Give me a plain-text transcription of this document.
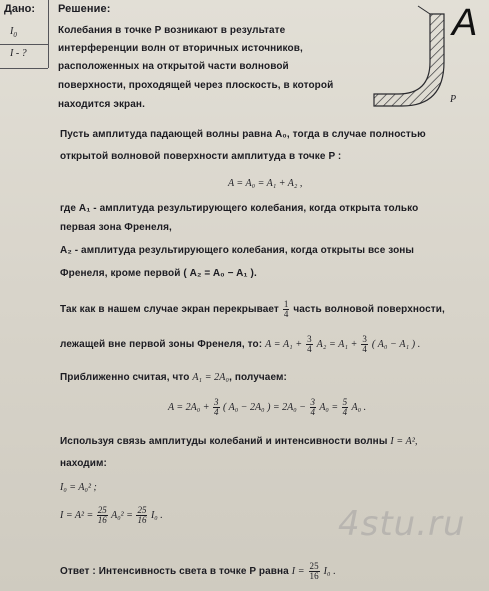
Дано:
$I_0$
I - ?
Решение:
Колебания в точке P возникают в результате
интерференции волн от вторичных источников,
расположенных на открытой части волновой
поверхности, проходящей через плоскость, в которой
находится экран.
A
P
Пусть амплитуда падающей волны равна A₀, тогда в случае полностью
открытой волновой поверхности амплитуда в точке P :
A = A₀ = A₁ + A₂ ,
где A₁ - амплитуда результирующего колебания, когда открыта только
первая зона Френеля,
A₂ - амплитуда результирующего колебания, когда открыты все зоны
Френеля, кроме первой ( A₂ = A₀ − A₁ ).
Так как в нашем случае экран перекрывает $\frac{1}{4}$ часть волновой поверхности,
лежащей вне первой зоны Френеля, то: $A = A_1 + \frac{3}{4} A_2 = A_1 + \frac{3}{4}$ ( A₀ − A₁ ) .
Приближенно считая, что A₁ = 2A₀, получаем:
$A = 2A_0 + \frac{3}{4}$ ( A₀ − 2A₀ ) = $2A_0 - \frac{3}{4} A_0 = \frac{5}{4} A_0$ .
Используя связь амплитуды колебаний и интенсивности волны I = A²,
находим:
I₀ = A₀² ;
$I = A^2 = \frac{25}{16} A_0^2 = \frac{25}{16} I_0$ .
Ответ : Интенсивность света в точке P равна $I = \frac{25}{16} I_0$ .
4stu.ru
